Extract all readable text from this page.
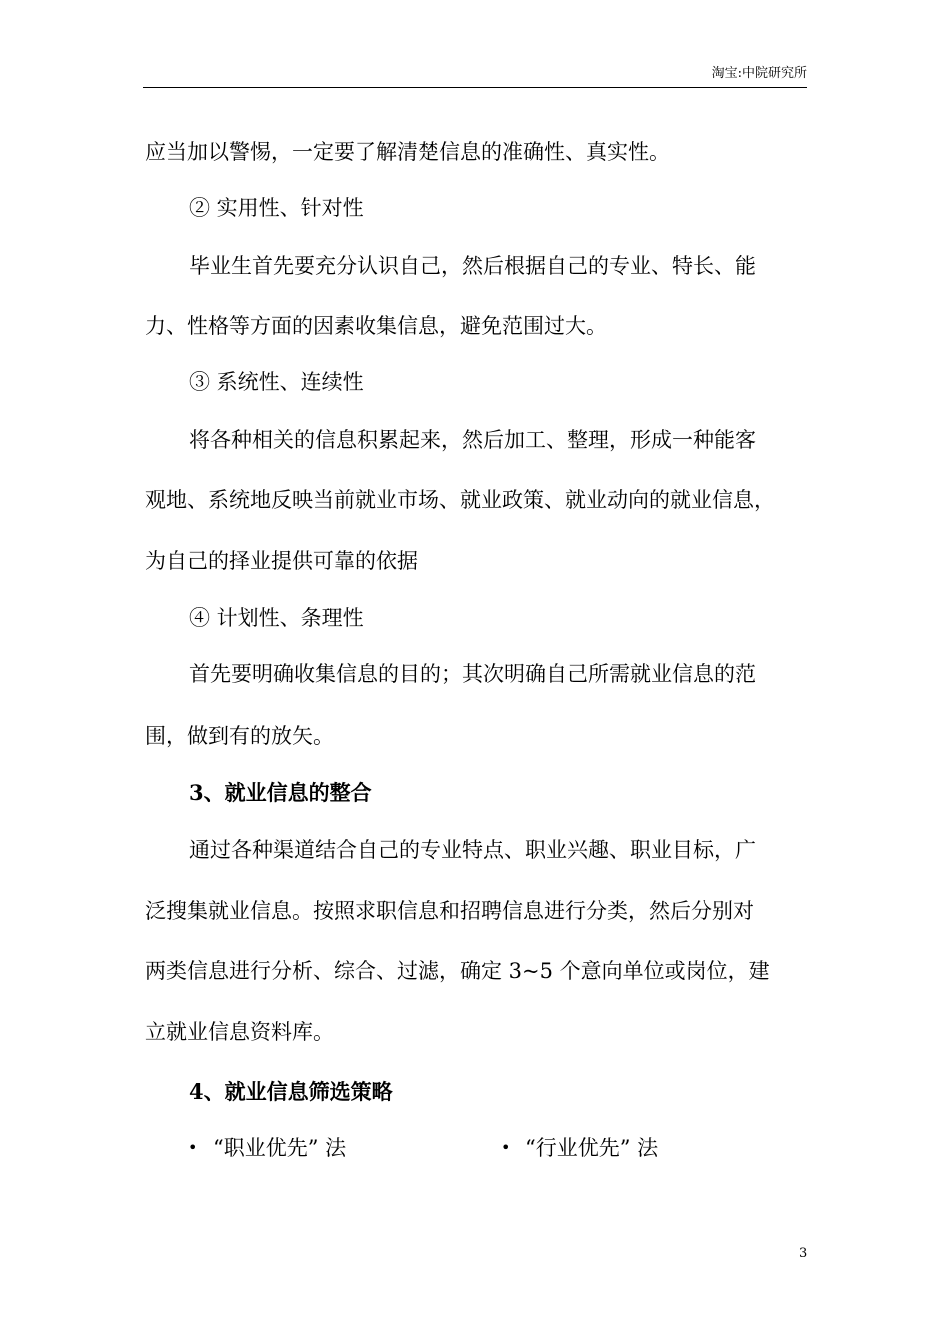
淘宝:中院研究所
应当加以警惕，一定要了解清楚信息的准确性、真实性。
② 实用性、针对性
毕业生首先要充分认识自己，然后根据自己的专业、特长、能
力、性格等方面的因素收集信息，避免范围过大。
③ 系统性、连续性
将各种相关的信息积累起来，然后加工、整理，形成一种能客
观地、系统地反映当前就业市场、就业政策、就业动向的就业信息，
为自己的择业提供可靠的依据
④ 计划性、条理性
首先要明确收集信息的目的；其次明确自己所需就业信息的范
围，做到有的放矢。
3、就业信息的整合
通过各种渠道结合自己的专业特点、职业兴趣、职业目标，广
泛搜集就业信息。按照求职信息和招聘信息进行分类，然后分别对
两类信息进行分析、综合、过滤，确定 3~5 个意向单位或岗位，建
立就业信息资料库。
4、就业信息筛选策略
• “职业优先” 法	• “行业优先” 法
3
